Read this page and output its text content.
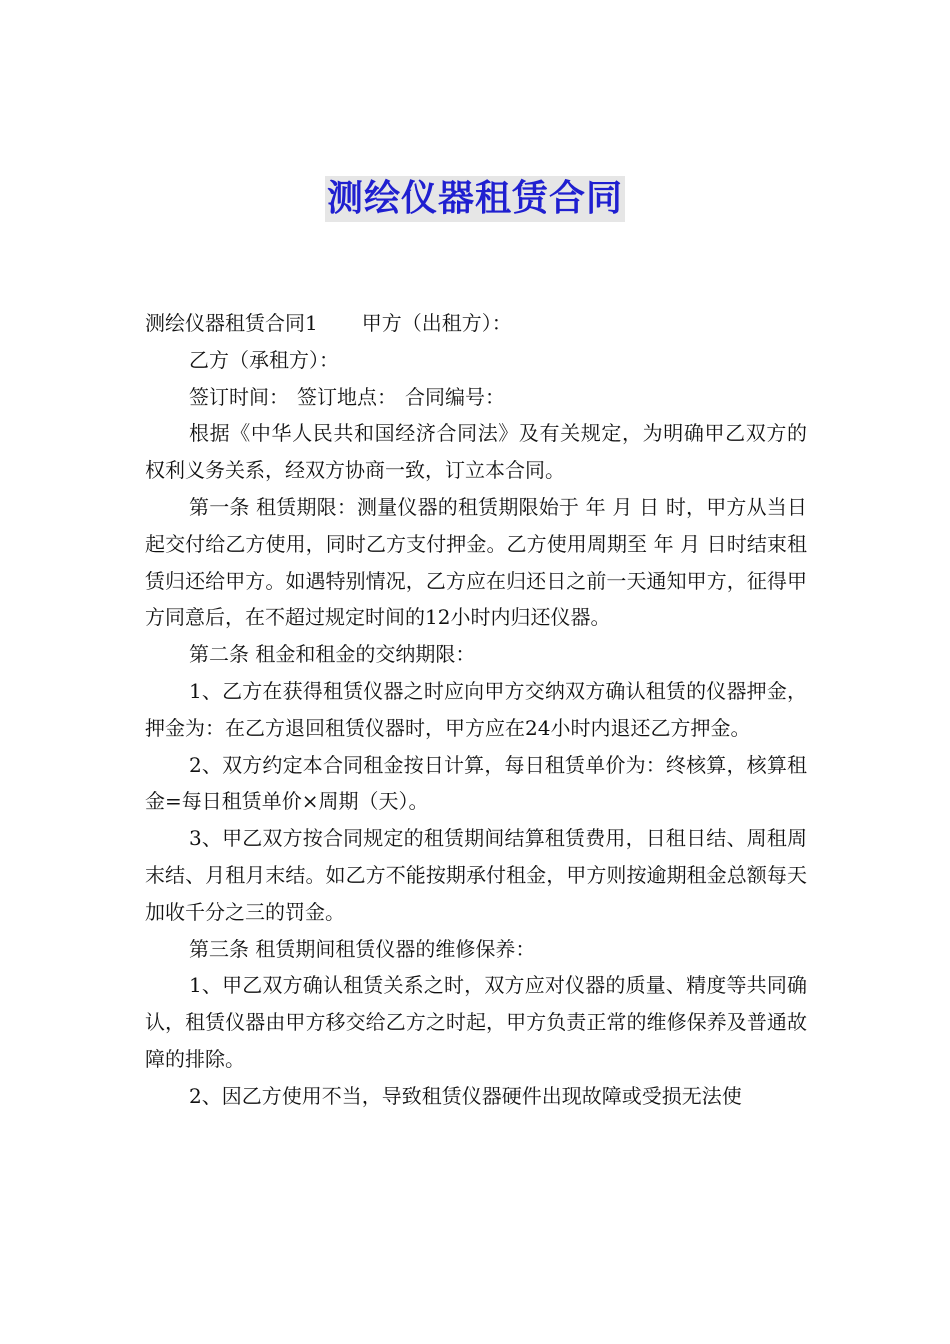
测绘仪器租赁合同

测绘仪器租赁合同1 甲方（出租方）：

乙方（承租方）：

签订时间： 签订地点： 合同编号：

根据《中华人民共和国经济合同法》及有关规定，为明确甲乙双方的权利义务关系，经双方协商一致，订立本合同。

第一条 租赁期限：测量仪器的租赁期限始于 年 月 日 时，甲方从当日起交付给乙方使用，同时乙方支付押金。乙方使用周期至 年 月 日时结束租赁归还给甲方。如遇特别情况，乙方应在归还日之前一天通知甲方，征得甲方同意后，在不超过规定时间的12小时内归还仪器。

第二条 租金和租金的交纳期限：

1、乙方在获得租赁仪器之时应向甲方交纳双方确认租赁的仪器押金，押金为：在乙方退回租赁仪器时，甲方应在24小时内退还乙方押金。

2、双方约定本合同租金按日计算，每日租赁单价为：终核算，核算租金=每日租赁单价×周期（天）。

3、甲乙双方按合同规定的租赁期间结算租赁费用，日租日结、周租周末结、月租月末结。如乙方不能按期承付租金，甲方则按逾期租金总额每天加收千分之三的罚金。

第三条 租赁期间租赁仪器的维修保养：

1、甲乙双方确认租赁关系之时，双方应对仪器的质量、精度等共同确认，租赁仪器由甲方移交给乙方之时起，甲方负责正常的维修保养及普通故障的排除。

2、因乙方使用不当，导致租赁仪器硬件出现故障或受损无法使
